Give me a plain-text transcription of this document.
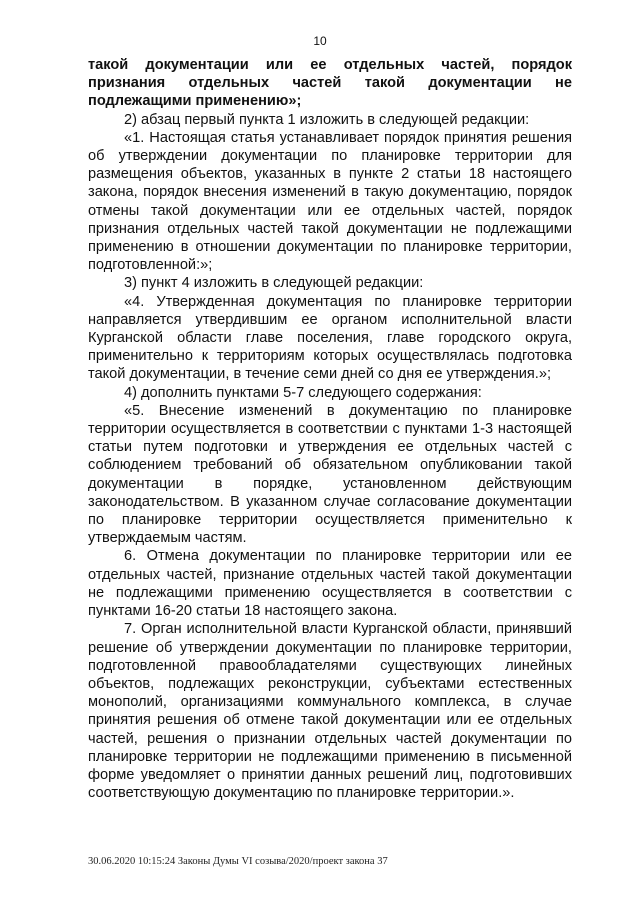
10

такой документации или ее отдельных частей, порядок признания отдельных частей такой документации не подлежащими применению»;

2) абзац первый пункта 1 изложить в следующей редакции:

«1. Настоящая статья устанавливает порядок принятия решения об утверждении документации по планировке территории для размещения объектов, указанных в пункте 2 статьи 18 настоящего закона, порядок внесения изменений в такую документацию, порядок отмены такой документации или ее отдельных частей, порядок признания отдельных частей такой документации не подлежащими применению в отношении документации по планировке территории, подготовленной:»;

3) пункт 4 изложить в следующей редакции:

«4. Утвержденная документация по планировке территории направляется утвердившим ее органом исполнительной власти Курганской области главе поселения, главе городского округа, применительно к территориям которых осуществлялась подготовка такой документации, в течение семи дней со дня ее утверждения.»;

4) дополнить пунктами 5-7 следующего содержания:

«5. Внесение изменений в документацию по планировке территории осуществляется в соответствии с пунктами 1-3 настоящей статьи путем подготовки и утверждения ее отдельных частей с соблюдением требований об обязательном опубликовании такой документации в порядке, установленном действующим законодательством. В указанном случае согласование документации по планировке территории осуществляется применительно к утверждаемым частям.

6. Отмена документации по планировке территории или ее отдельных частей, признание отдельных частей такой документации не подлежащими применению осуществляется в соответствии с пунктами 16-20 статьи 18 настоящего закона.

7. Орган исполнительной власти Курганской области, принявший решение об утверждении документации по планировке территории, подготовленной правообладателями существующих линейных объектов, подлежащих реконструкции, субъектами естественных монополий, организациями коммунального комплекса, в случае принятия решения об отмене такой документации или ее отдельных частей, решения о признании отдельных частей документации по планировке территории не подлежащими применению в письменной форме уведомляет о принятии данных решений лиц, подготовивших соответствующую документацию по планировке территории.».

30.06.2020 10:15:24 Законы Думы VI созыва/2020/проект закона 37
